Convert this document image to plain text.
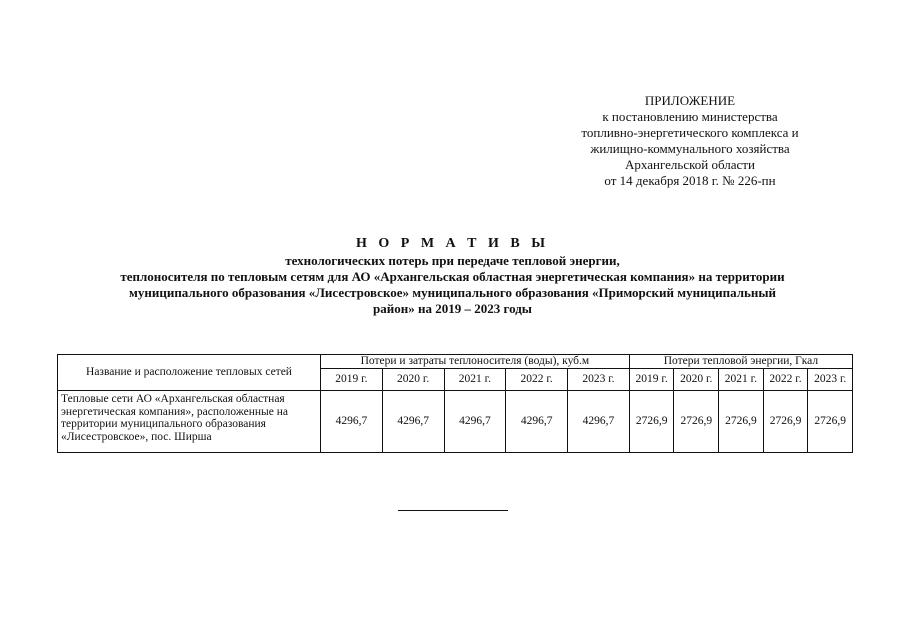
ПРИЛОЖЕНИЕ
к постановлению министерства
топливно-энергетического комплекса и
жилищно-коммунального хозяйства
Архангельской области
от 14 декабря 2018 г. № 226-пн
Н О Р М А Т И В Ы
технологических потерь при передаче тепловой энергии,
теплоносителя по тепловым сетям для АО «Архангельская областная энергетическая компания» на территории
муниципального образования «Лисестровское» муниципального образования «Приморский муниципальный
район» на 2019 – 2023 годы
Название и расположение тепловых сетей	Потери и затраты теплоносителя (воды), куб.м					Потери тепловой энергии, Гкал				
	2019 г.	2020 г.	2021 г.	2022 г.	2023 г.	2019 г.	2020 г.	2021 г.	2022 г.	2023 г.
Тепловые сети АО «Архангельская областная энергетическая компания», расположенные на территории муниципального образования «Лисестровское», пос. Ширша	4296,7	4296,7	4296,7	4296,7	4296,7	2726,9	2726,9	2726,9	2726,9	2726,9
